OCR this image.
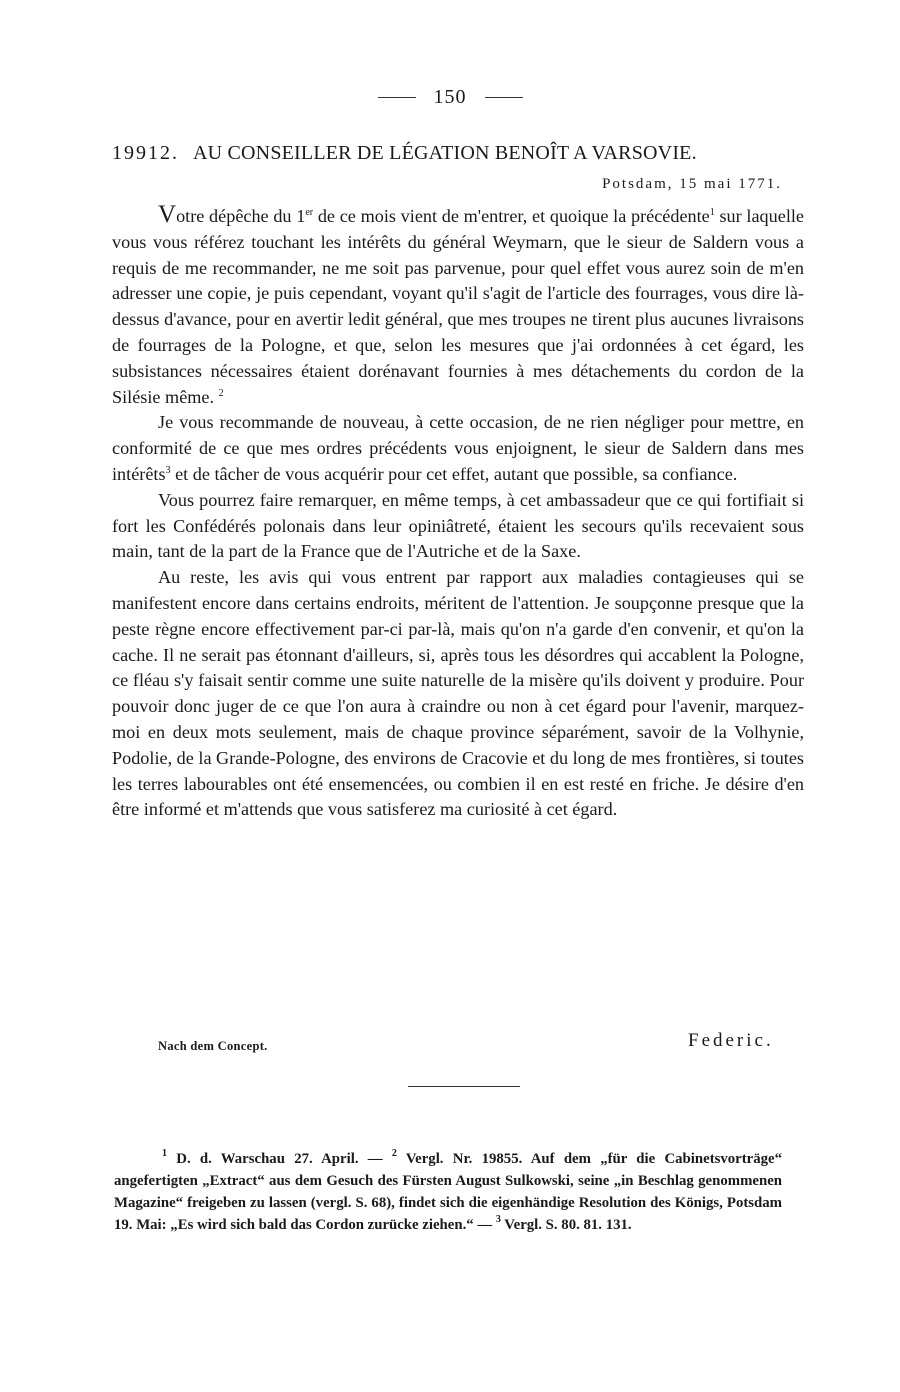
150
19912. AU CONSEILLER DE LÉGATION BENOÎT A VARSOVIE.
Potsdam, 15 mai 1771.

Votre dépêche du 1er de ce mois vient de m'entrer, et quoique la précédente$^1$ sur laquelle vous vous référez touchant les intérêts du général Weymarn, que le sieur de Saldern vous a requis de me recommander, ne me soit pas parvenue, pour quel effet vous aurez soin de m'en adresser une copie, je puis cependant, voyant qu'il s'agit de l'article des fourrages, vous dire là-dessus d'avance, pour en avertir ledit général, que mes troupes ne tirent plus aucunes livraisons de fourrages de la Pologne, et que, selon les mesures que j'ai ordonnées à cet égard, les subsistances nécessaires étaient dorénavant fournies à mes détachements du cordon de la Silésie même. $^2$

Je vous recommande de nouveau, à cette occasion, de ne rien négliger pour mettre, en conformité de ce que mes ordres précédents vous enjoignent, le sieur de Saldern dans mes intérêts$^3$ et de tâcher de vous acquérir pour cet effet, autant que possible, sa confiance.

Vous pourrez faire remarquer, en même temps, à cet ambassadeur que ce qui fortifiait si fort les Confédérés polonais dans leur opiniâtreté, étaient les secours qu'ils recevaient sous main, tant de la part de la France que de l'Autriche et de la Saxe.

Au reste, les avis qui vous entrent par rapport aux maladies contagieuses qui se manifestent encore dans certains endroits, méritent de l'attention. Je soupçonne presque que la peste règne encore effectivement par-ci par-là, mais qu'on n'a garde d'en convenir, et qu'on la cache. Il ne serait pas étonnant d'ailleurs, si, après tous les désordres qui accablent la Pologne, ce fléau s'y faisait sentir comme une suite naturelle de la misère qu'ils doivent y produire. Pour pouvoir donc juger de ce que l'on aura à craindre ou non à cet égard pour l'avenir, marquez-moi en deux mots seulement, mais de chaque province séparément, savoir de la Volhynie, Podolie, de la Grande-Pologne, des environs de Cracovie et du long de mes frontières, si toutes les terres labourables ont été ensemencées, ou combien il en est resté en friche. Je désire d'en être informé et m'attends que vous satisferez ma curiosité à cet égard.

Nach dem Concept.	Federic.

$^1$ D. d. Warschau 27. April. — $^2$ Vergl. Nr. 19855. Auf dem „für die Cabinetsvorträge“ angefertigten „Extract“ aus dem Gesuch des Fürsten August Sulkowski, seine „in Beschlag genommenen Magazine“ freigeben zu lassen (vergl. S. 68), findet sich die eigenhändige Resolution des Königs, Potsdam 19. Mai: „Es wird sich bald das Cordon zurücke ziehen.“ — $^3$ Vergl. S. 80. 81. 131.
